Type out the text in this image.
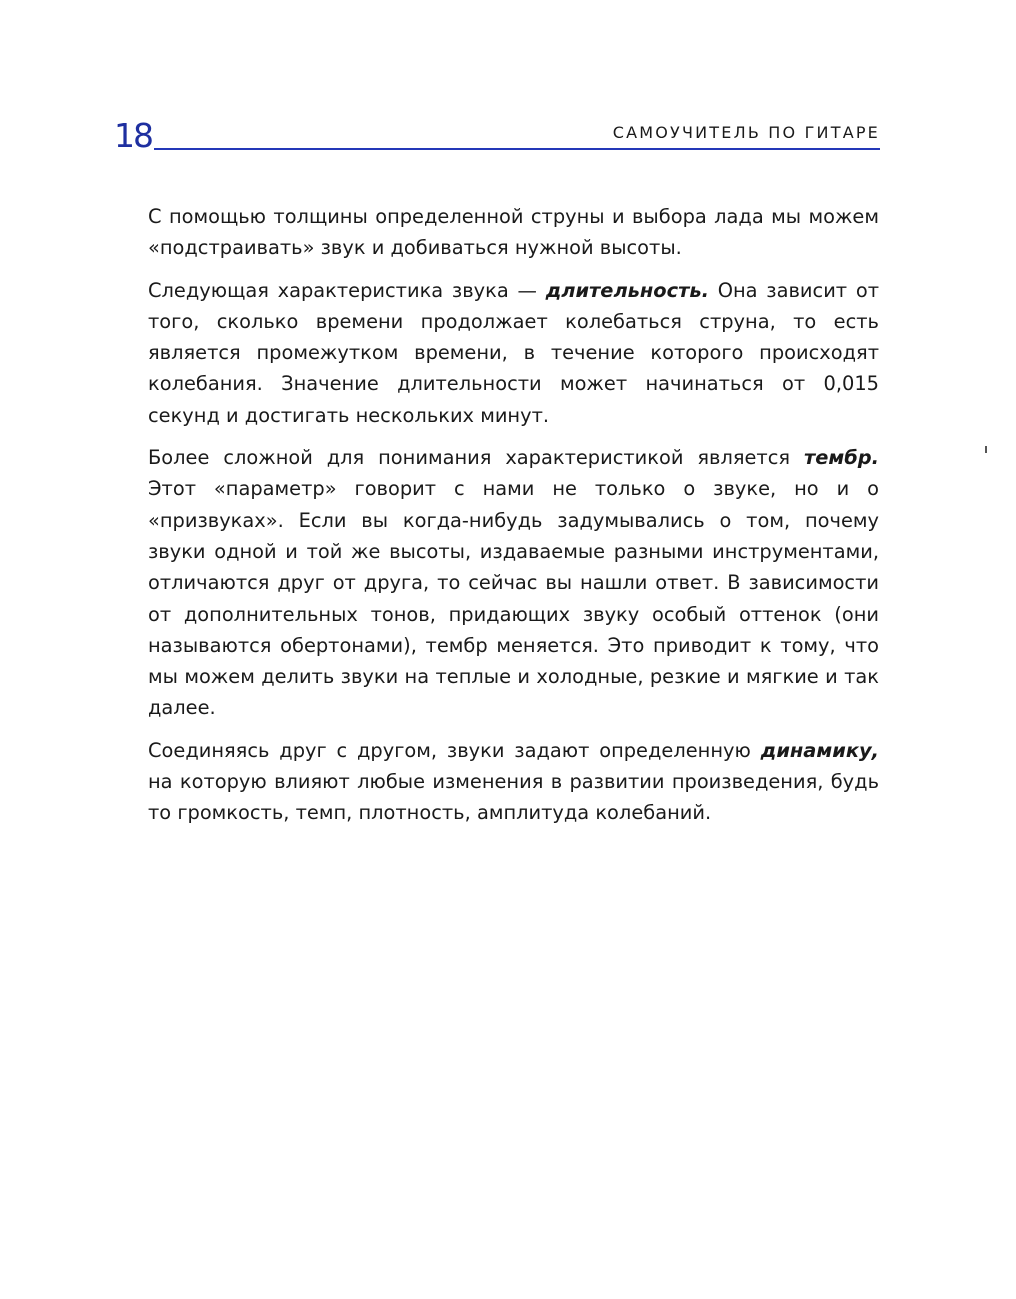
18	САМОУЧИТЕЛЬ ПО ГИТАРЕ

С помощью толщины определенной струны и выбора лада мы можем «подстраивать» звук и добиваться нужной высоты.

Следующая характеристика звука — длительность. Она зависит от того, сколько времени продолжает колебаться струна, то есть является промежутком времени, в течение которого происходят колебания. Значение длительности может начинаться от 0,015 секунд и достигать нескольких минут.

Более сложной для понимания характеристикой является тембр. Этот «параметр» говорит с нами не только о звуке, но и о «призвуках». Если вы когда-нибудь задумывались о том, почему звуки одной и той же высоты, издаваемые разными инструментами, отличаются друг от друга, то сейчас вы нашли ответ. В зависимости от дополнительных тонов, придающих звуку особый оттенок (они называются обертонами), тембр меняется. Это приводит к тому, что мы можем делить звуки на теплые и холодные, резкие и мягкие и так далее.

Соединяясь друг с другом, звуки задают определенную динамику, на которую влияют любые изменения в развитии произведения, будь то громкость, темп, плотность, амплитуда колебаний.
